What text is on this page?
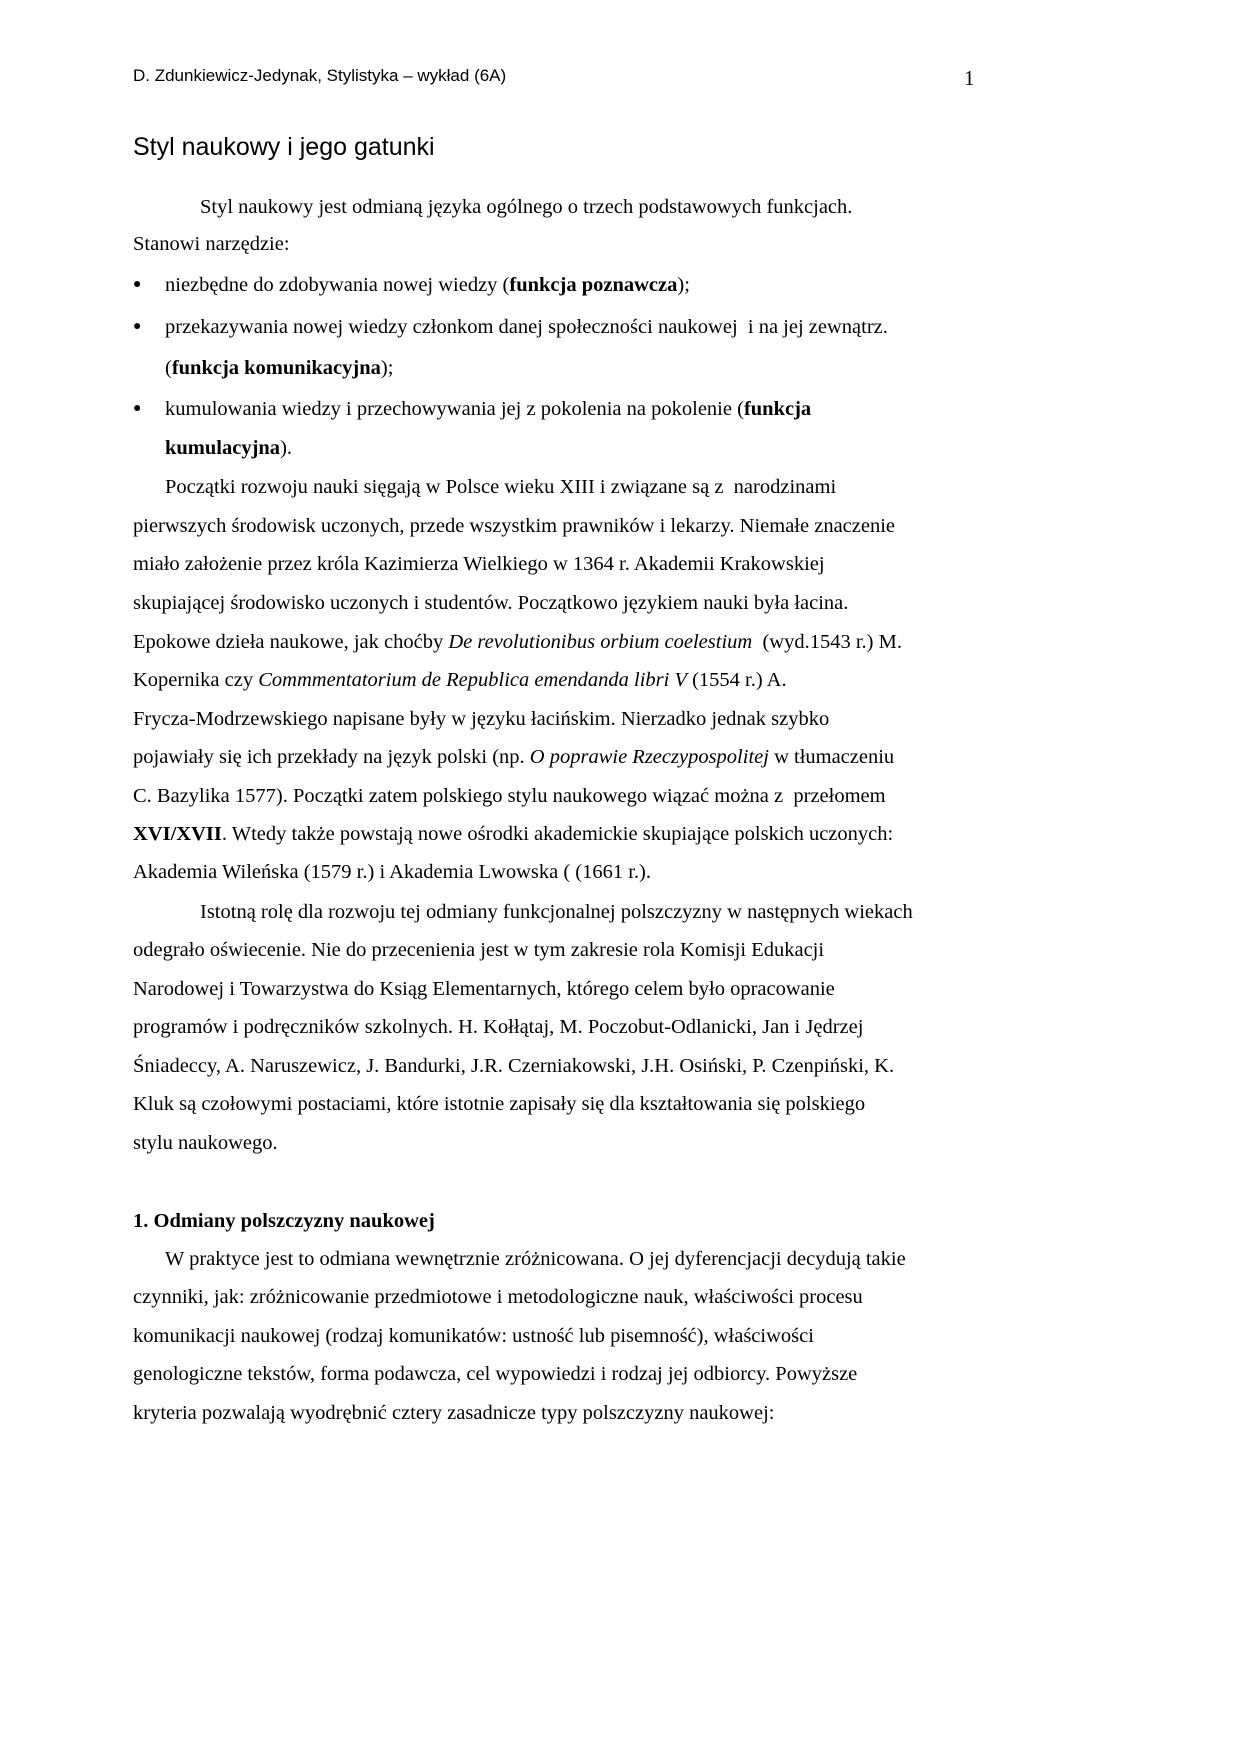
D. Zdunkiewicz-Jedynak, Stylistyka – wykład (6A)	1
Styl naukowy i jego gatunki
Styl naukowy jest odmianą języka ogólnego o trzech podstawowych funkcjach.
Stanowi narzędzie:
● niezbędne do zdobywania nowej wiedzy (funkcja poznawcza);
● przekazywania nowej wiedzy członkom danej społeczności naukowej  i na jej zewnątrz.
(funkcja komunikacyjna);
● kumulowania wiedzy i przechowywania jej z pokolenia na pokolenie (funkcja
kumulacyjna).
Początki rozwoju nauki sięgają w Polsce wieku XIII i związane są z  narodzinami
pierwszych środowisk uczonych, przede wszystkim prawników i lekarzy. Niemałe znaczenie
miało założenie przez króla Kazimierza Wielkiego w 1364 r. Akademii Krakowskiej
skupiającej środowisko uczonych i studentów. Początkowo językiem nauki była łacina.
Epokowe dzieła naukowe, jak choćby De revolutionibus orbium coelestium  (wyd.1543 r.) M.
Kopernika czy Commmentatorium de Republica emendanda libri V (1554 r.) A.
Frycza-Modrzewskiego napisane były w języku łacińskim. Nierzadko jednak szybko
pojawiały się ich przekłady na język polski (np. O poprawie Rzeczypospolitej w tłumaczeniu
C. Bazylika 1577). Początki zatem polskiego stylu naukowego wiązać można z  przełomem
XVI/XVII. Wtedy także powstają nowe ośrodki akademickie skupiające polskich uczonych:
Akademia Wileńska (1579 r.) i Akademia Lwowska ( (1661 r.).
Istotną rolę dla rozwoju tej odmiany funkcjonalnej polszczyzny w następnych wiekach
odegrało oświecenie. Nie do przecenienia jest w tym zakresie rola Komisji Edukacji
Narodowej i Towarzystwa do Ksiąg Elementarnych, którego celem było opracowanie
programów i podręczników szkolnych. H. Kołłątaj, M. Poczobut-Odlanicki, Jan i Jędrzej
Śniadeccy, A. Naruszewicz, J. Bandurki, J.R. Czerniakowski, J.H. Osiński, P. Czenpiński, K.
Kluk są czołowymi postaciami, które istotnie zapisały się dla kształtowania się polskiego
stylu naukowego.
1. Odmiany polszczyzny naukowej
W praktyce jest to odmiana wewnętrznie zróżnicowana. O jej dyferencjacji decydują takie
czynniki, jak: zróżnicowanie przedmiotowe i metodologiczne nauk, właściwości procesu
komunikacji naukowej (rodzaj komunikatów: ustność lub pisemność), właściwości
genologiczne tekstów, forma podawcza, cel wypowiedzi i rodzaj jej odbiorcy. Powyższe
kryteria pozwalają wyodrębnić cztery zasadnicze typy polszczyzny naukowej:
